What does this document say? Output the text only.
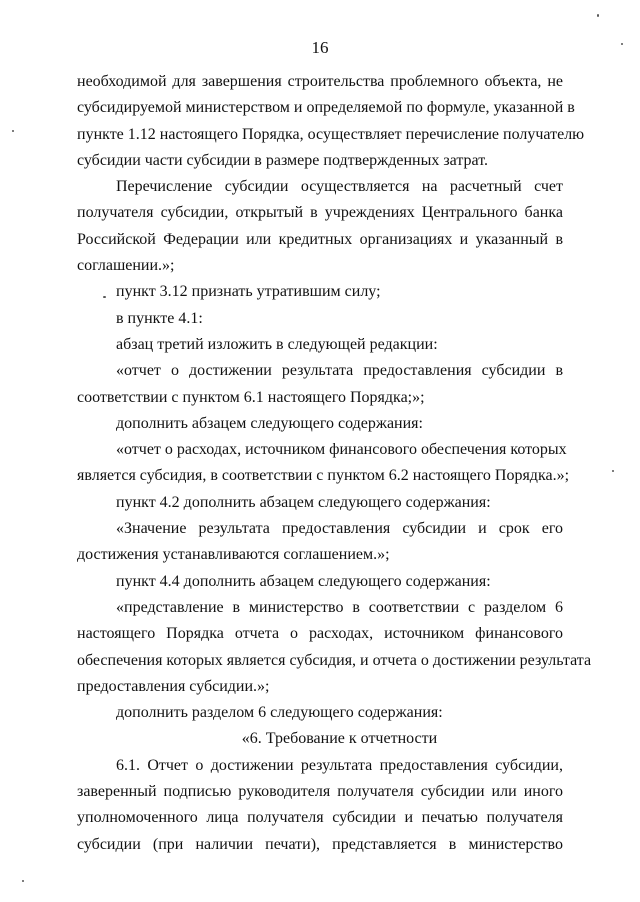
16
необходимой для завершения строительства проблемного объекта, не
субсидируемой министерством и определяемой по формуле, указанной в
пункте 1.12 настоящего Порядка, осуществляет перечисление получателю
субсидии части субсидии в размере подтвержденных затрат.
Перечисление субсидии осуществляется на расчетный счет
получателя субсидии, открытый в учреждениях Центрального банка
Российской Федерации или кредитных организациях и указанный в
соглашении.»;
пункт 3.12 признать утратившим силу;
в пункте 4.1:
абзац третий изложить в следующей редакции:
«отчет о достижении результата предоставления субсидии в
соответствии с пунктом 6.1 настоящего Порядка;»;
дополнить абзацем следующего содержания:
«отчет о расходах, источником финансового обеспечения которых
является субсидия, в соответствии с пунктом 6.2 настоящего Порядка.»;
пункт 4.2 дополнить абзацем следующего содержания:
«Значение результата предоставления субсидии и срок его
достижения устанавливаются соглашением.»;
пункт 4.4 дополнить абзацем следующего содержания:
«представление в министерство в соответствии с разделом 6
настоящего Порядка отчета о расходах, источником финансового
обеспечения которых является субсидия, и отчета о достижении результата
предоставления субсидии.»;
дополнить разделом 6 следующего содержания:
«6. Требование к отчетности
6.1. Отчет о достижении результата предоставления субсидии,
заверенный подписью руководителя получателя субсидии или иного
уполномоченного лица получателя субсидии и печатью получателя
субсидии (при наличии печати), представляется в министерство
